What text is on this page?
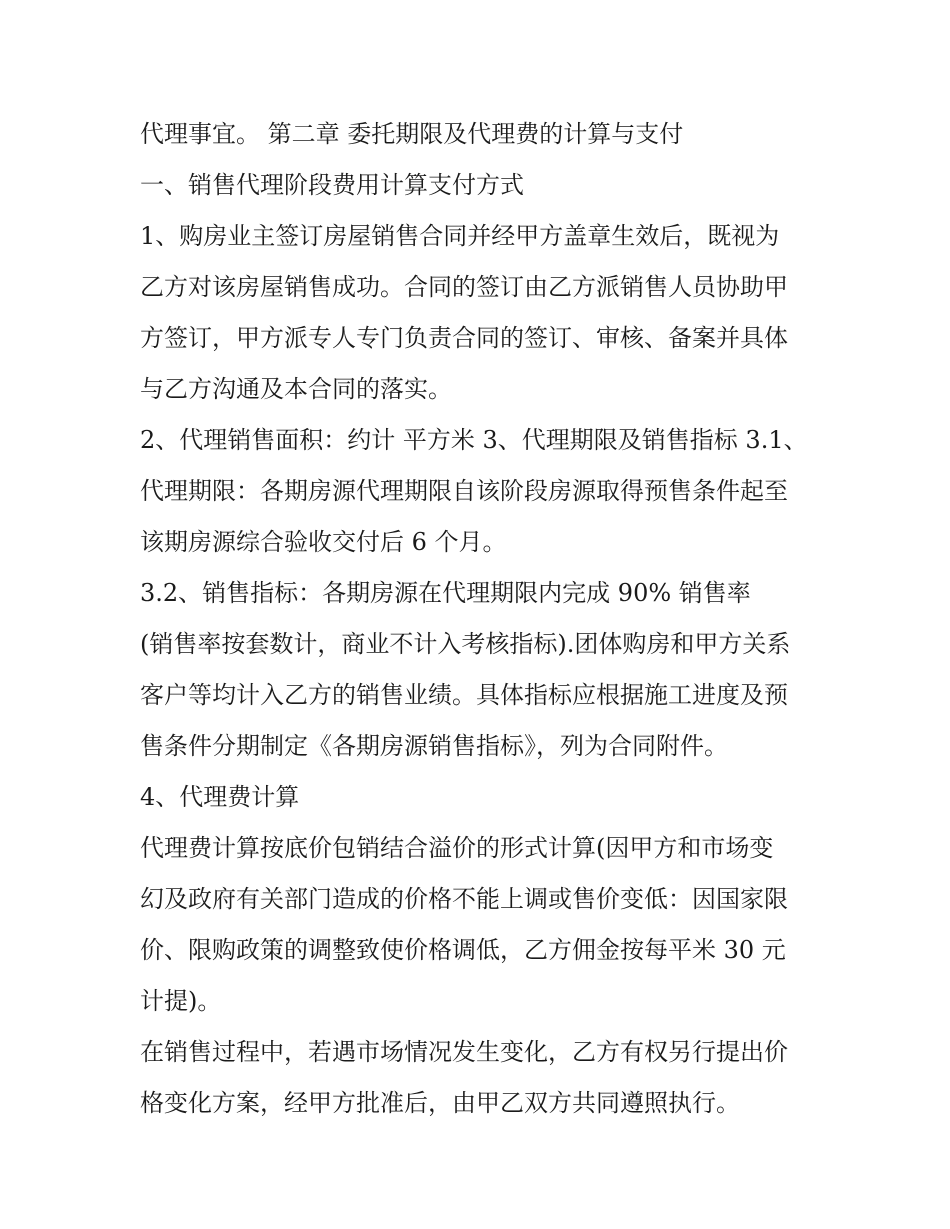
代理事宜。 第二章 委托期限及代理费的计算与支付

一、销售代理阶段费用计算支付方式

1、购房业主签订房屋销售合同并经甲方盖章生效后，既视为

乙方对该房屋销售成功。合同的签订由乙方派销售人员协助甲

方签订，甲方派专人专门负责合同的签订、审核、备案并具体

与乙方沟通及本合同的落实。

2、代理销售面积：约计 平方米 3、代理期限及销售指标 3.1、

代理期限：各期房源代理期限自该阶段房源取得预售条件起至

该期房源综合验收交付后 6 个月。

3.2、销售指标：各期房源在代理期限内完成 90% 销售率

(销售率按套数计，商业不计入考核指标).团体购房和甲方关系

客户等均计入乙方的销售业绩。具体指标应根据施工进度及预

售条件分期制定《各期房源销售指标》，列为合同附件。

4、代理费计算

代理费计算按底价包销结合溢价的形式计算(因甲方和市场变

幻及政府有关部门造成的价格不能上调或售价变低：因国家限

价、限购政策的调整致使价格调低，乙方佣金按每平米 30 元

计提)。

在销售过程中，若遇市场情况发生变化，乙方有权另行提出价

格变化方案，经甲方批准后，由甲乙双方共同遵照执行。
